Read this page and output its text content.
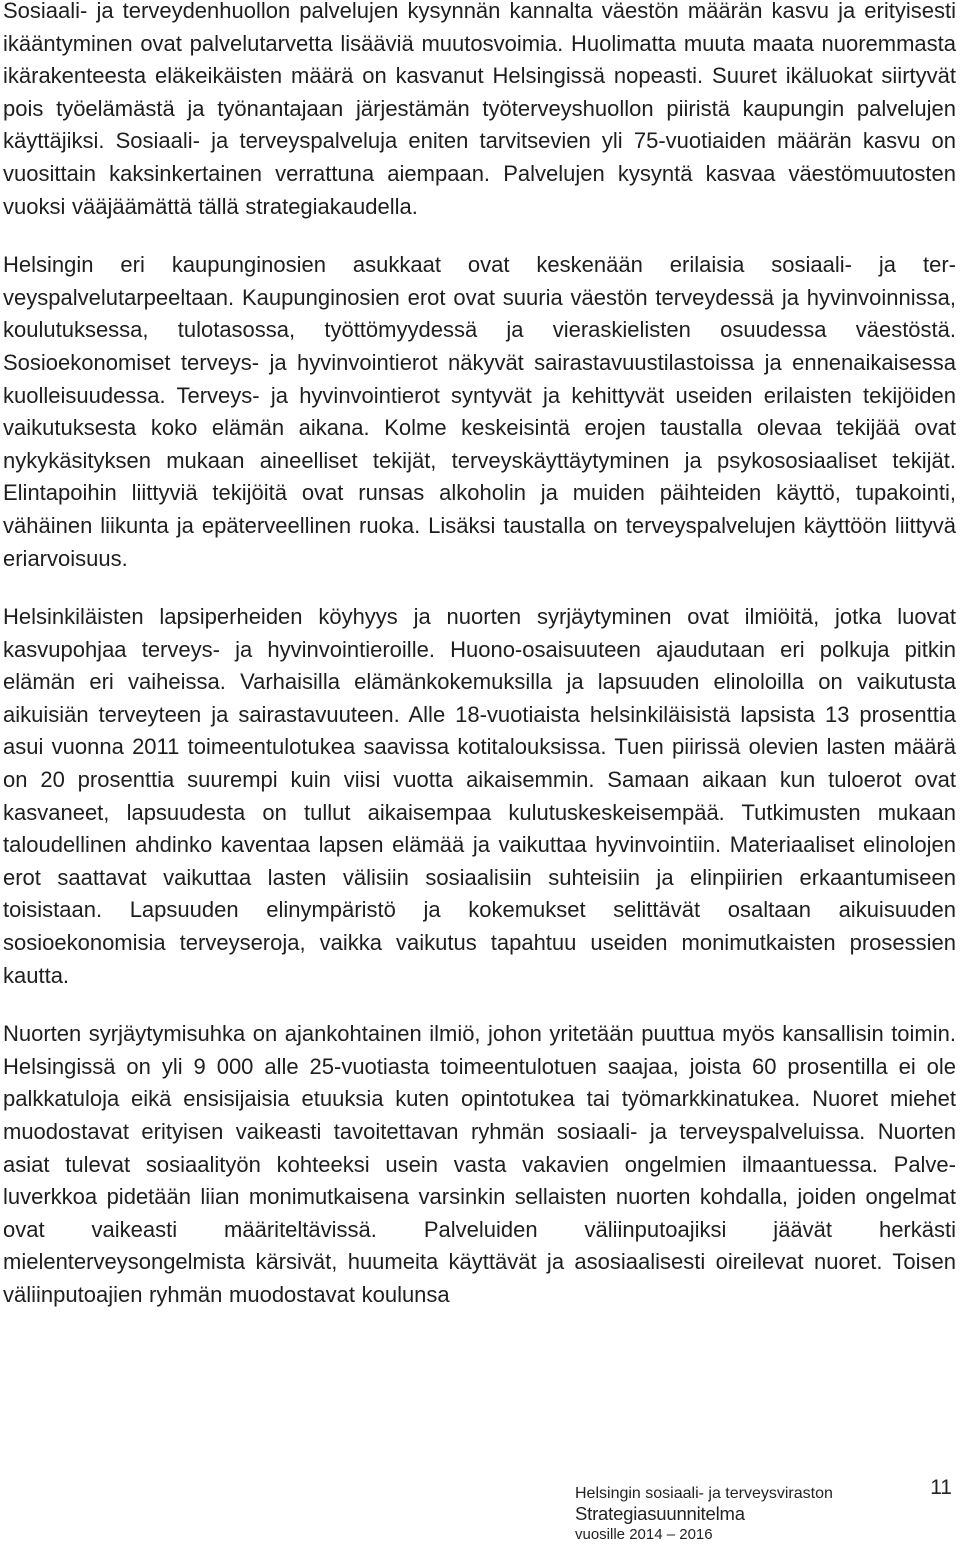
Sosiaali- ja terveydenhuollon palvelujen kysynnän kannalta väestön määrän kasvu ja erityisesti ikääntyminen ovat palvelutarvetta lisääviä muutosvoimia. Huolimatta muuta maata nuoremmasta ikärakenteesta eläkeikäisten määrä on kasvanut Helsingissä nopeasti. Suuret ikäluokat siirtyvät pois työelämästä ja työnantajaan järjestämän työterveyshuollon piiristä kaupungin palvelujen käyttäjiksi. Sosiaali- ja terveyspalveluja eniten tarvitsevien yli 75-vuotiaiden määrän kasvu on vuosittain kaksinkertainen verrattuna aiempaan. Palvelujen kysyntä kasvaa väestömuutosten vuoksi vääjäämättä tällä strategiakaudella.

Helsingin eri kaupunginosien asukkaat ovat keskenään erilaisia sosiaali- ja terveyspalvelutarpeeltaan. Kaupunginosien erot ovat suuria väestön terveydessä ja hyvinvoinnissa, koulutuksessa, tulotasossa, työttömyydessä ja vieraskielisten osuudessa väestöstä. Sosioekonomiset terveys- ja hyvinvointierot näkyvät sairastavuustilastoissa ja ennenaikaisessa kuolleisuudessa. Terveys- ja hyvinvointierot syntyvät ja kehittyvät useiden erilaisten tekijöiden vaikutuksesta koko elämän aikana. Kolme keskeisintä erojen taustalla olevaa tekijää ovat nykykäsityksen mukaan aineelliset tekijät, terveyskäyttäytyminen ja psykososiaaliset tekijät. Elintapoihin liittyviä tekijöitä ovat runsas alkoholin ja muiden päihteiden käyttö, tupakointi, vähäinen liikunta ja epäterveellinen ruoka. Lisäksi taustalla on terveyspalvelujen käyttöön liittyvä eriarvoisuus.

Helsinkiläisten lapsiperheiden köyhyys ja nuorten syrjäytyminen ovat ilmiöitä, jotka luovat kasvupohjaa terveys- ja hyvinvointieroille. Huono-osaisuuteen ajaudutaan eri polkuja pitkin elämän eri vaiheissa. Varhaisilla elämänkokemuksilla ja lapsuuden elinoloilla on vaikutusta aikuisiän terveyteen ja sairastavuuteen. Alle 18-vuotiaista helsinkiläisistä lapsista 13 prosenttia asui vuonna 2011 toimeentulotukea saavissa kotitalouksissa. Tuen piirissä olevien lasten määrä on 20 prosenttia suurempi kuin viisi vuotta aikaisemmin. Samaan aikaan kun tuloerot ovat kasvaneet, lapsuudesta on tullut aikaisempaa kulutuskeskeisempää. Tutkimusten mukaan taloudellinen ahdinko kaventaa lapsen elämää ja vaikuttaa hyvinvointiin. Materiaaliset elinolojen erot saattavat vaikuttaa lasten välisiin sosiaalisiin suhteisiin ja elinpiirien erkaantumiseen toisistaan. Lapsuuden elinympäristö ja kokemukset selittävät osaltaan aikuisuuden sosioekonomisia terveyseroja, vaikka vaikutus tapahtuu useiden monimutkaisten prosessien kautta.

Nuorten syrjäytymisuhka on ajankohtainen ilmiö, johon yritetään puuttua myös kansallisin toimin. Helsingissä on yli 9 000 alle 25-vuotiasta toimeentulotuen saajaa, joista 60 prosentilla ei ole palkkatuloja eikä ensisijaisia etuuksia kuten opintotukea tai työmarkkinatukea. Nuoret miehet muodostavat erityisen vaikeasti tavoitettavan ryhmän sosiaali- ja terveyspalveluissa. Nuorten asiat tulevat sosiaalityön kohteeksi usein vasta vakavien ongelmien ilmaantuessa. Palveluverkkoa pidetään liian monimutkaisena varsinkin sellaisten nuorten kohdalla, joiden ongelmat ovat vaikeasti määriteltävissä. Palveluiden väliinputoajiksi jäävät herkästi mielenterveysongelmista kärsivät, huumeita käyttävät ja asosiaalisesti oireilevat nuoret. Toisen väliinputoajien ryhmän muodostavat koulunsa

Helsingin sosiaali- ja terveysviraston
Strategiasuunnitelma
vuosille 2014 – 2016
11
